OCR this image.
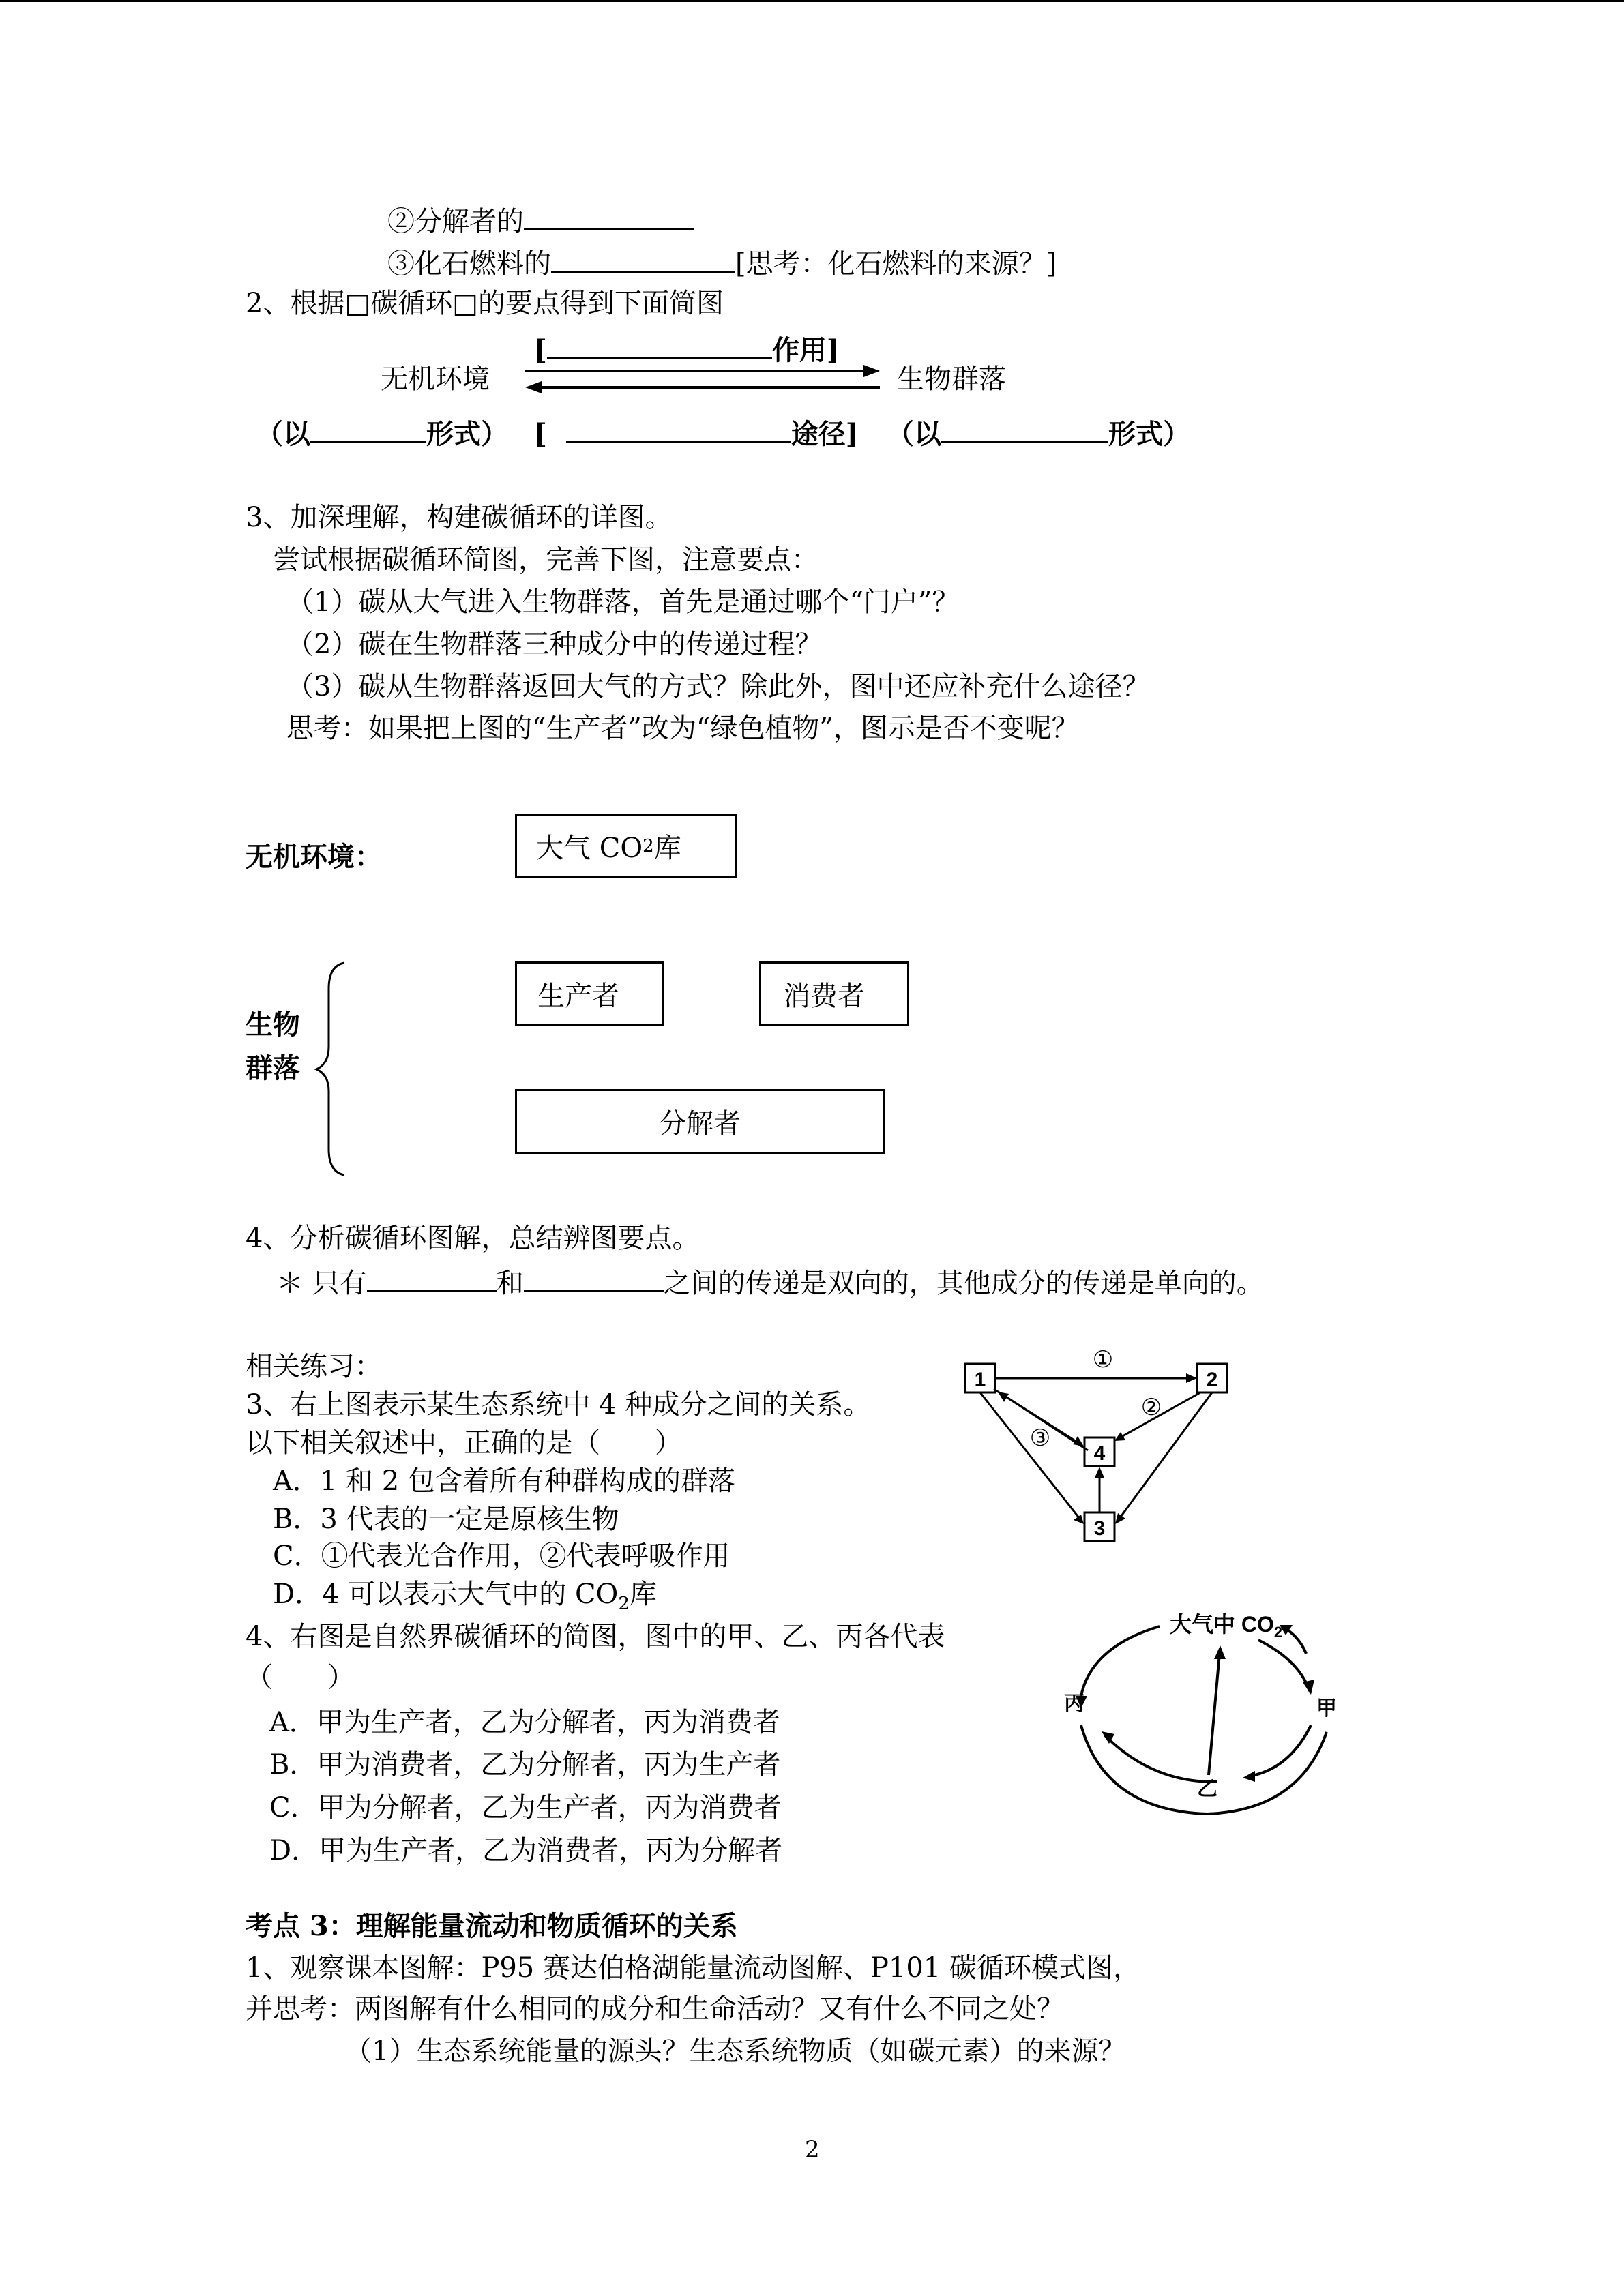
②分解者的
③化石燃料的	[思考：化石燃料的来源？]
2、根据□碳循环□的要点得到下面简图
[	作用]
无机环境	生物群落
（以	形式） [	途径] （以	形式）
3、加深理解，构建碳循环的详图。
尝试根据碳循环简图，完善下图，注意要点：
（1）碳从大气进入生物群落，首先是通过哪个“门户”？
（2）碳在生物群落三种成分中的传递过程？
（3）碳从生物群落返回大气的方式？除此外，图中还应补充什么途径？
思考：如果把上图的“生产者”改为“绿色植物”，图示是否不变呢？
无机环境：	大气 CO 2 库
生物
群落
生产者	消费者
分解者
4、分析碳循环图解，总结辨图要点。
＊ 只有	和	之间的传递是双向的，其他成分的传递是单向的。
相关练习：
3、右上图表示某生态系统中 4 种成分之间的关系。
以下相关叙述中，正确的是（　　）
A．1 和 2 包含着所有种群构成的群落
B．3 代表的一定是原核生物
C．①代表光合作用，②代表呼吸作用
D．4 可以表示大气中的 $CO_2$库
1	2
4
3
①
②
③
4、右图是自然界碳循环的简图，图中的甲、乙、丙各代表
（　　）
A．甲为生产者，乙为分解者，丙为消费者
B．甲为消费者，乙为分解者，丙为生产者
C．甲为分解者，乙为生产者，丙为消费者
D．甲为生产者，乙为消费者，丙为分解者
大气中 $CO_2$
丙	甲
乙
考点 3：理解能量流动和物质循环的关系
1、观察课本图解：P95 赛达伯格湖能量流动图解、P101 碳循环模式图，
并思考：两图解有什么相同的成分和生命活动？又有什么不同之处？
（1）生态系统能量的源头？生态系统物质（如碳元素）的来源？
2
